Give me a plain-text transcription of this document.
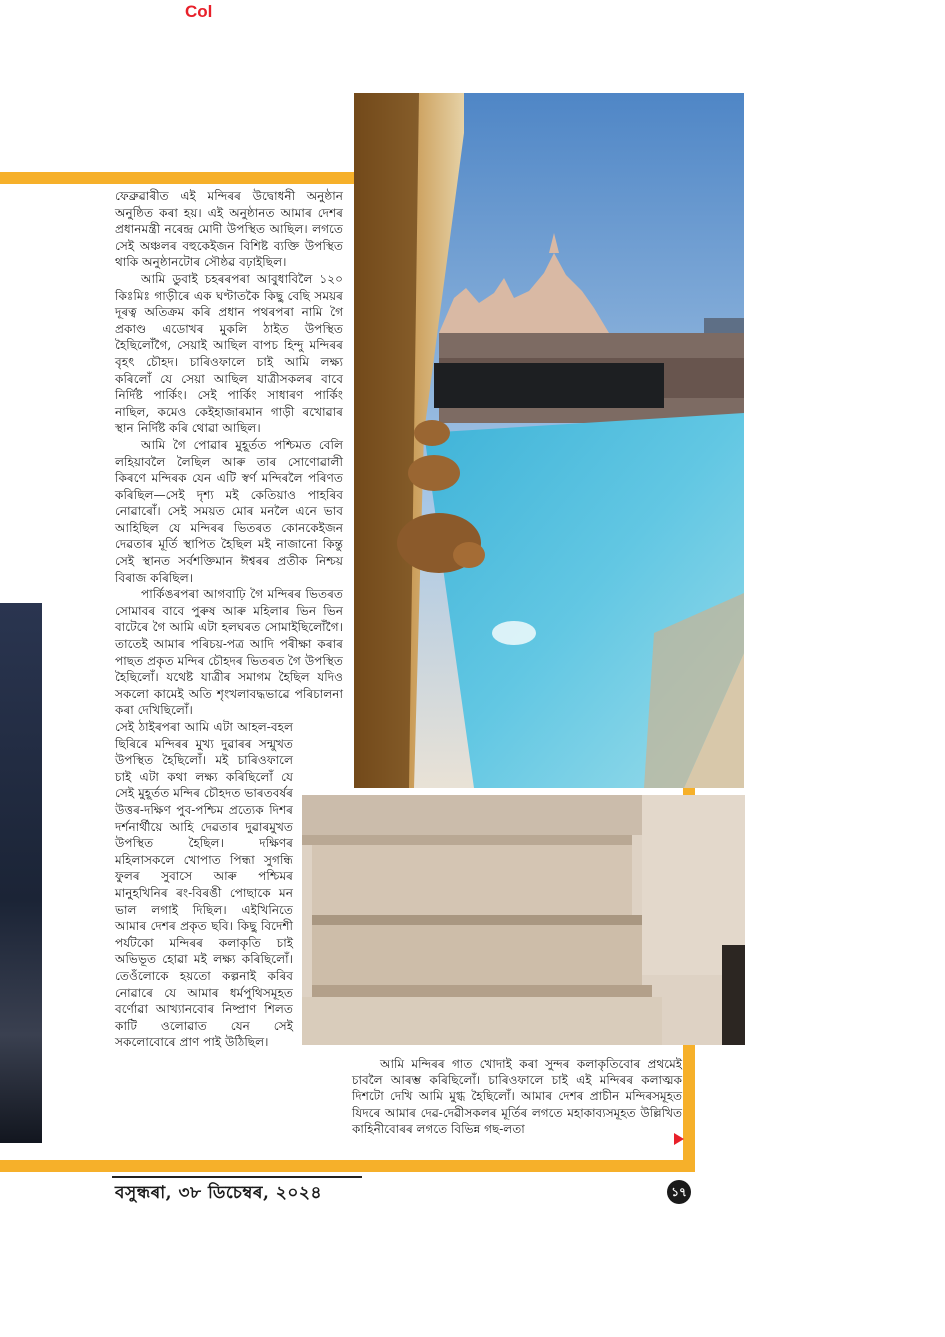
Col

ফেব্ৰুৱাৰীত এই মন্দিৰৰ উদ্বোধনী অনুষ্ঠান অনুষ্ঠিত কৰা হয়। এই অনুষ্ঠানত আমাৰ দেশৰ প্ৰধানমন্ত্ৰী নৰেন্দ্ৰ মোদী উপস্থিত আছিল। লগতে সেই অঞ্চলৰ বহুকেইজন বিশিষ্ট ব্যক্তি উপস্থিত থাকি অনুষ্ঠানটোৰ সৌষ্ঠৱ বঢ়াইছিল।

আমি ডুবাই চহৰৰপৰা আবুধাবিলৈ ১২০ কিঃমিঃ গাড়ীৰে এক ঘণ্টাতকৈ কিছু বেছি সময়ৰ দূৰত্ব অতিক্ৰম কৰি প্ৰধান পথৰপৰা নামি গৈ প্ৰকাণ্ড এডোখৰ মুকলি ঠাইত উপস্থিত হৈছিলোঁগৈ, সেয়াই আছিল বাপচ হিন্দু মন্দিৰৰ বৃহৎ চৌহদ। চাৰিওফালে চাই আমি লক্ষ্য কৰিলোঁ যে সেয়া আছিল যাত্ৰীসকলৰ বাবে নিৰ্দিষ্ট পাৰ্কিং। সেই পাৰ্কিং সাধাৰণ পাৰ্কিং নাছিল, কমেও কেইহাজাৰমান গাড়ী ৰখোৱাৰ স্থান নিৰ্দিষ্ট কৰি থোৱা আছিল।

আমি গৈ পোৱাৰ মুহূৰ্তত পশ্চিমত বেলি লহিয়াবলৈ লৈছিল আৰু তাৰ সোণোৱালী কিৰণে মন্দিৰক যেন এটি স্বৰ্ণ মন্দিৰলৈ পৰিণত কৰিছিল—সেই দৃশ্য মই কেতিয়াও পাহৰিব নোৱাৰোঁ। সেই সময়ত মোৰ মনলৈ এনে ভাব আহিছিল যে মন্দিৰৰ ভিতৰত কোনকেইজন দেৱতাৰ মূৰ্তি স্থাপিত হৈছিল মই নাজানো কিন্তু সেই স্থানত সৰ্বশক্তিমান ঈশ্বৰৰ প্ৰতীক নিশ্চয় বিৰাজ কৰিছিল।

পাৰ্কিঙৰপৰা আগবাঢ়ি গৈ মন্দিৰৰ ভিতৰত সোমাবৰ বাবে পুৰুষ আৰু মহিলাৰ ভিন ভিন বাটেৰে গৈ আমি এটা হলঘৰত সোমাইছিলোঁগৈ। তাতেই আমাৰ পৰিচয়-পত্ৰ আদি পৰীক্ষা কৰাৰ পাছত প্ৰকৃত মন্দিৰ চৌহদৰ ভিতৰত গৈ উপস্থিত হৈছিলোঁ। যথেষ্ট যাত্ৰীৰ সমাগম হৈছিল যদিও সকলো কামেই অতি শৃংখলাবদ্ধভাৱে পৰিচালনা কৰা দেখিছিলোঁ।

সেই ঠাইৰপৰা আমি এটা আহল-বহল ছিৰিৰে মন্দিৰৰ মুখ্য দুৱাৰৰ সন্মুখত উপস্থিত হৈছিলোঁ। মই চাৰিওফালে চাই এটা কথা লক্ষ্য কৰিছিলোঁ যে সেই মুহূৰ্তত মন্দিৰ চৌহদত ভাৰতবৰ্ষৰ উত্তৰ-দক্ষিণ পুব-পশ্চিম প্ৰত্যেক দিশৰ দৰ্শনাৰ্থীয়ে আহি দেৱতাৰ দুৱাৰমুখত উপস্থিত হৈছিল। দক্ষিণৰ মহিলাসকলে খোপাত পিন্ধা সুগন্ধি ফুলৰ সুবাসে আৰু পশ্চিমৰ মানুহখিনিৰ ৰং-বিৰঙী পোছাকে মন ভাল লগাই দিছিল। এইখিনিতে আমাৰ দেশৰ প্ৰকৃত ছবি। কিছু বিদেশী পৰ্যটকো মন্দিৰৰ কলাকৃতি চাই অভিভূত হোৱা মই লক্ষ্য কৰিছিলোঁ। তেওঁলোকে হয়তো কল্পনাই কৰিব নোৱাৰে যে আমাৰ ধৰ্মপুথিসমূহত বৰ্ণোৱা আখ্যানবোৰ নিষ্প্ৰাণ শিলত কাটি ওলোৱাত যেন সেই সকলোবোৰে প্ৰাণ পাই উঠিছিল।

আমি মন্দিৰৰ গাত খোদাই কৰা সুন্দৰ কলাকৃতিবোৰ প্ৰথমেই চাবলৈ আৰম্ভ কৰিছিলোঁ। চাৰিওফালে চাই এই মন্দিৰৰ কলাত্মক দিশটো দেখি আমি মুগ্ধ হৈছিলোঁ। আমাৰ দেশৰ প্ৰাচীন মন্দিৰসমূহত যিদৰে আমাৰ দেৱ-দেৱীসকলৰ মূৰ্তিৰ লগতে মহাকাব্যসমূহত উল্লিখিত কাহিনীবোৰৰ লগতে বিভিন্ন গছ-লতা

বসুন্ধৰা, ৩৮ ডিচেম্বৰ, ২০২৪	১৭
